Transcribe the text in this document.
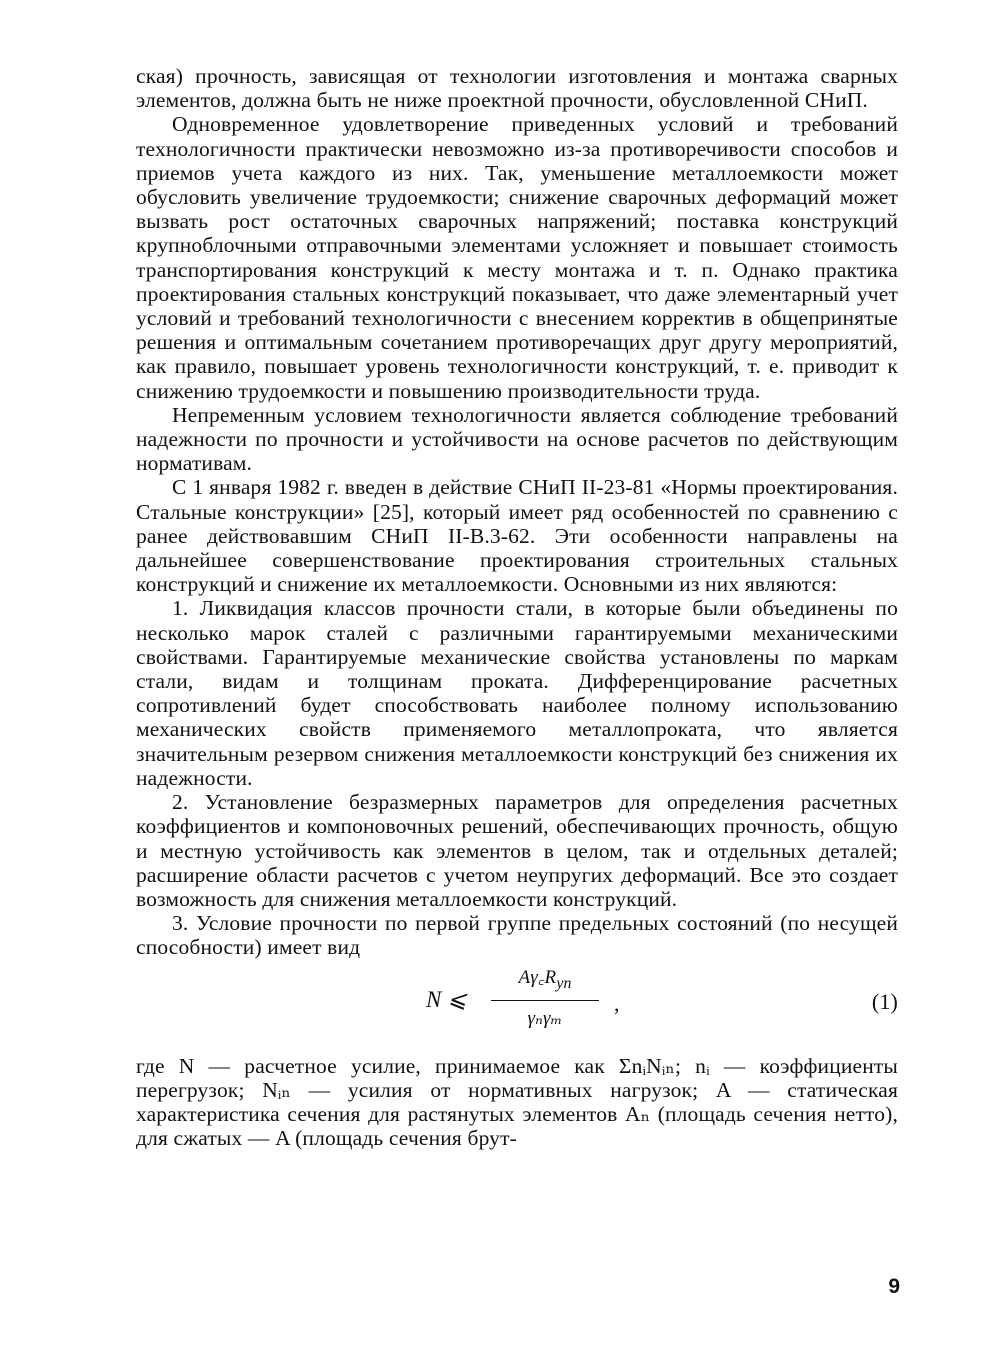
ская) прочность, зависящая от технологии изготовления и монтажа сварных элементов, должна быть не ниже проектной прочности, обусловленной СНиП.

Одновременное удовлетворение приведенных условий и требований технологичности практически невозможно из-за противоречивости способов и приемов учета каждого из них. Так, уменьшение металлоемкости может обусловить увеличение трудоемкости; снижение сварочных деформаций может вызвать рост остаточных сварочных напряжений; поставка конструкций крупноблочными отправочными элементами усложняет и повышает стоимость транспортирования конструкций к месту монтажа и т. п. Однако практика проектирования стальных конструкций показывает, что даже элементарный учет условий и требований технологичности с внесением корректив в общепринятые решения и оптимальным сочетанием противоречащих друг другу мероприятий, как правило, повышает уровень технологичности конструкций, т. е. приводит к снижению трудоемкости и повышению производительности труда.

Непременным условием технологичности является соблюдение требований надежности по прочности и устойчивости на основе расчетов по действующим нормативам.

С 1 января 1982 г. введен в действие СНиП II-23-81 «Нормы проектирования. Стальные конструкции» [25], который имеет ряд особенностей по сравнению с ранее действовавшим СНиП II-В.3-62. Эти особенности направлены на дальнейшее совершенствование проектирования строительных стальных конструкций и снижение их металлоемкости. Основными из них являются:

1. Ликвидация классов прочности стали, в которые были объединены по несколько марок сталей с различными гарантируемыми механическими свойствами. Гарантируемые механические свойства установлены по маркам стали, видам и толщинам проката. Дифференцирование расчетных сопротивлений будет способствовать наиболее полному использованию механических свойств применяемого металлопроката, что является значительным резервом снижения металлоемкости конструкций без снижения их надежности.

2. Установление безразмерных параметров для определения расчетных коэффициентов и компоновочных решений, обеспечивающих прочность, общую и местную устойчивость как элементов в целом, так и отдельных деталей; расширение области расчетов с учетом неупругих деформаций. Все это создает возможность для снижения металлоемкости конструкций.

3. Условие прочности по первой группе предельных состояний (по несущей способности) имеет вид

N ⩽
$A\gamma꜀R_{yn}$
γₙγₘ
,	(1)

где N — расчетное усилие, принимаемое как ΣnᵢNᵢₙ; nᵢ — коэффициенты перегрузок; Nᵢₙ — усилия от нормативных нагрузок; A — статическая характеристика сечения для растянутых элементов Aₙ (площадь сечения нетто), для сжатых — A (площадь сечения брут-

9
